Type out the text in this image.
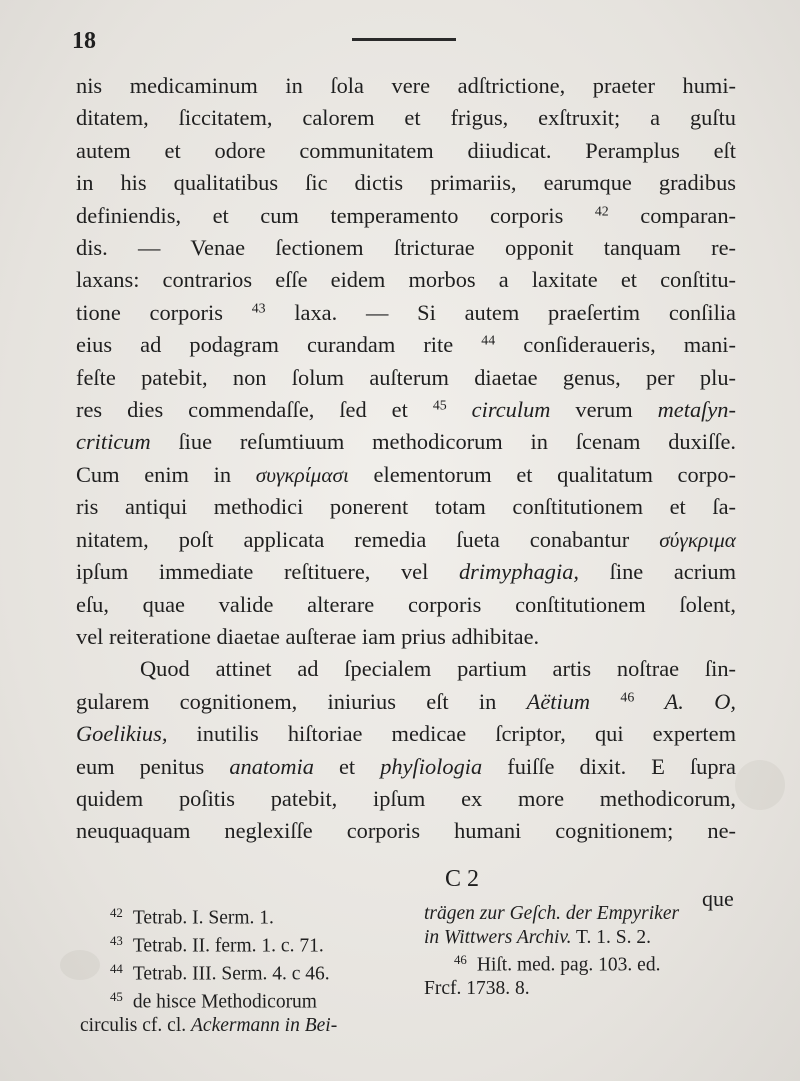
18

nis medicaminum in ſola vere adſtrictione, praeter humi-
ditatem, ſiccitatem, calorem et frigus, exſtruxit; a guſtu
autem et odore communitatem diiudicat. Peramplus eſt
in his qualitatibus ſic dictis primariis, earumque gradibus
definiendis, et cum temperamento corporis $^{42}$ comparan-
dis. — Venae ſectionem ſtricturae opponit tanquam re-
laxans: contrarios eſſe eidem morbos a laxitate et conſtitu-
tione corporis $^{43}$ laxa. — Si autem praeſertim conſilia
eius ad podagram curandam rite $^{44}$ conſideraueris, mani-
feſte patebit, non ſolum auſterum diaetae genus, per plu-
res dies commendaſſe, ſed et $^{45}$ circulum verum metaſyn-
criticum ſiue reſumtiuum methodicorum in ſcenam duxiſſe.
Cum enim in συγκρίμασι elementorum et qualitatum corpo-
ris antiqui methodici ponerent totam conſtitutionem et ſa-
nitatem, poſt applicata remedia ſueta conabantur σύγκριμα
ipſum immediate reſtituere, vel drimyphagia, ſine acrium
eſu, quae valide alterare corporis conſtitutionem ſolent,
vel reiteratione diaetae auſterae iam prius adhibitae.

Quod attinet ad ſpecialem partium artis noſtrae ſin-
gularem cognitionem, iniurius eſt in Aëtium $^{46}$ A. O,
Goelikius, inutilis hiſtoriae medicae ſcriptor, qui expertem
eum penitus anatomia et phyſiologia fuiſſe dixit. E ſupra
quidem poſitis patebit, ipſum ex more methodicorum,
neuquaquam neglexiſſe corporis humani cognitionem; ne-

C 2
que
$^{42}$ Tetrab. I. Serm. 1.
$^{43}$ Tetrab. II. ferm. 1. c. 71.
$^{44}$ Tetrab. III. Serm. 4. c 46.
$^{45}$ de hisce Methodicorum
circulis cf. cl. Ackermann in Bei-
trägen zur Geſch. der Empyriker
in Wittwers Archiv. T. 1. S. 2.
$^{46}$ Hiſt. med. pag. 103. ed.
Frcf. 1738. 8.
